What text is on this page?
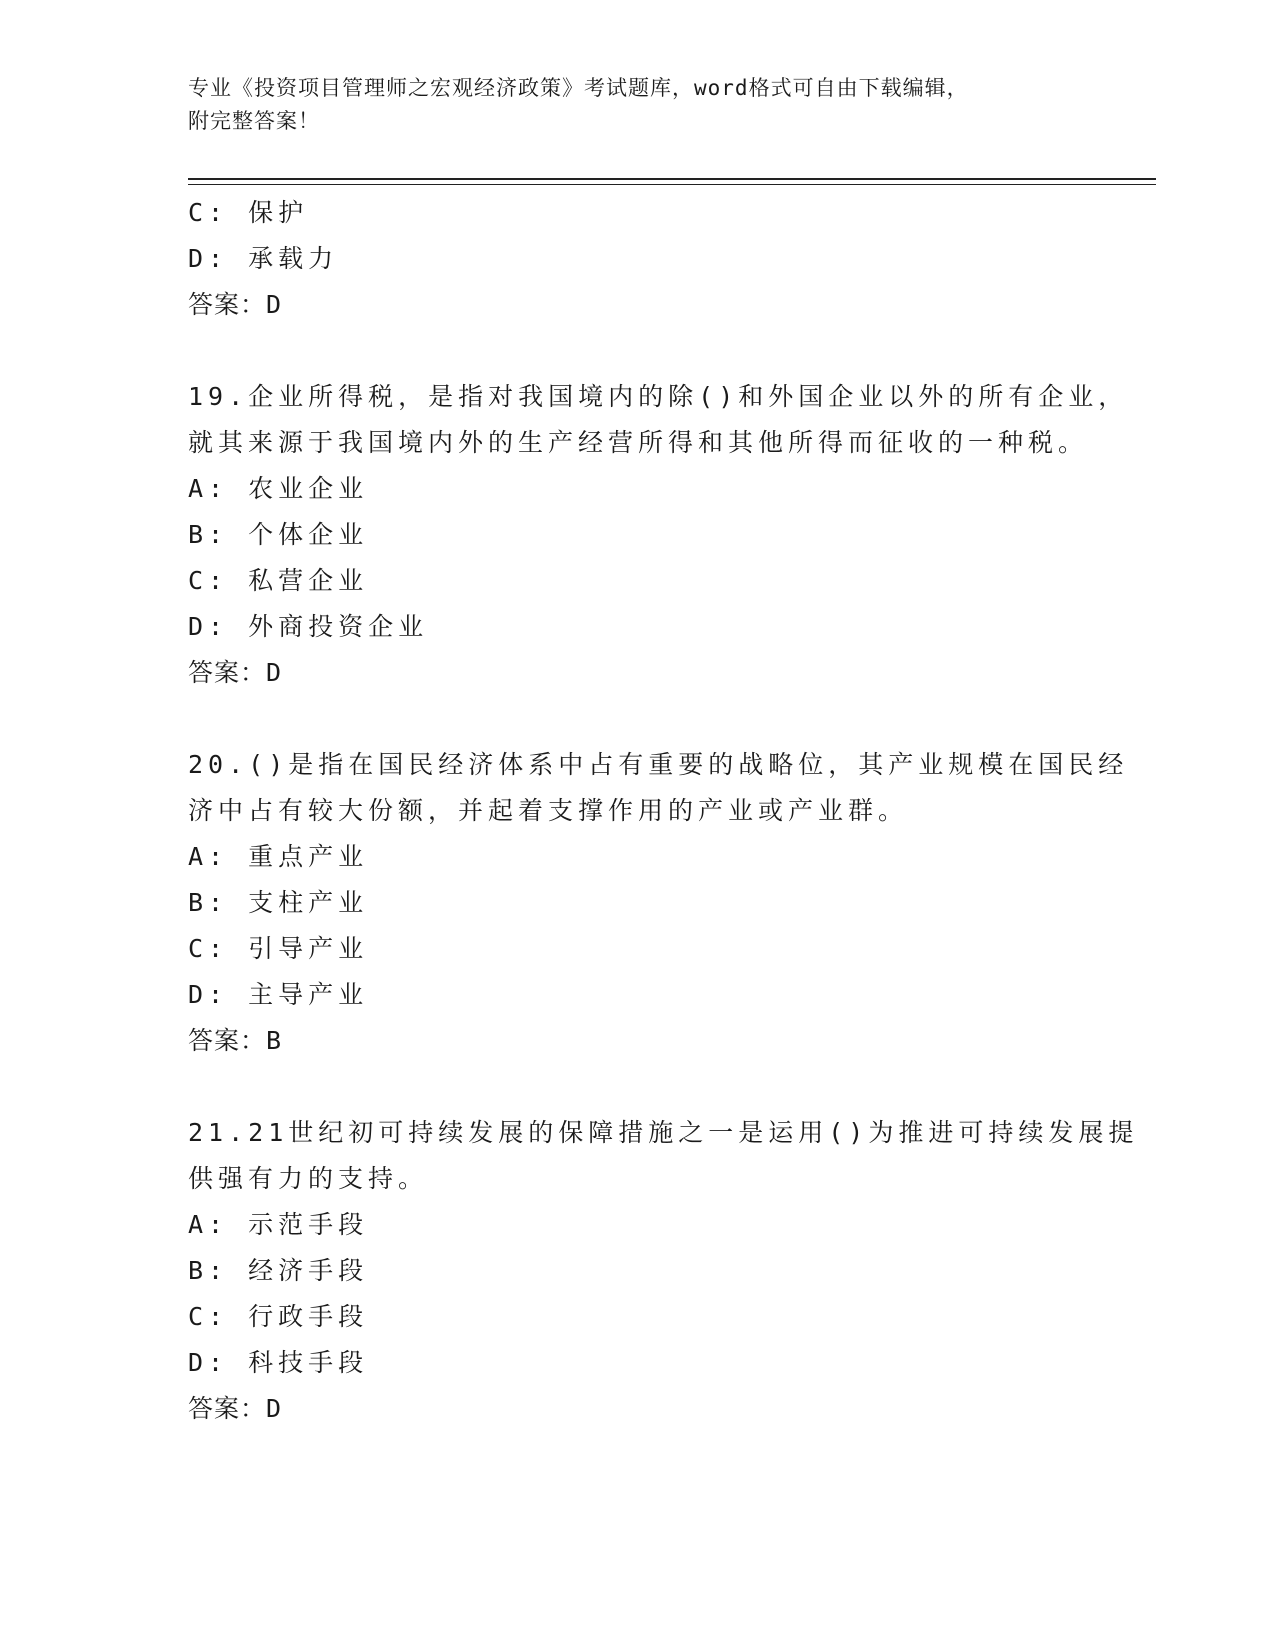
专业《投资项目管理师之宏观经济政策》考试题库，word格式可自由下载编辑，
附完整答案！
C: 保护
D: 承载力
答案：D
19.企业所得税，是指对我国境内的除()和外国企业以外的所有企业，
就其来源于我国境内外的生产经营所得和其他所得而征收的一种税。
A: 农业企业
B: 个体企业
C: 私营企业
D: 外商投资企业
答案：D
20.()是指在国民经济体系中占有重要的战略位，其产业规模在国民经
济中占有较大份额，并起着支撑作用的产业或产业群。
A: 重点产业
B: 支柱产业
C: 引导产业
D: 主导产业
答案：B
21.21世纪初可持续发展的保障措施之一是运用()为推进可持续发展提
供强有力的支持。
A: 示范手段
B: 经济手段
C: 行政手段
D: 科技手段
答案：D
